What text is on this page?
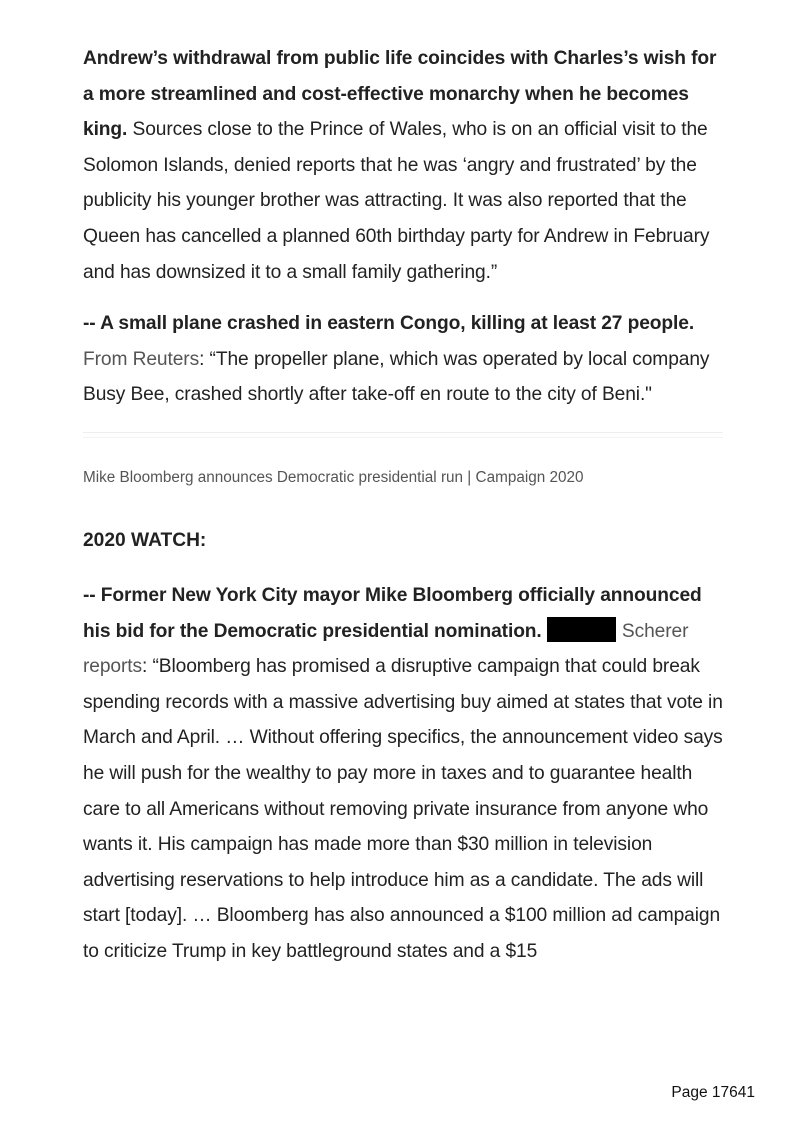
Andrew’s withdrawal from public life coincides with Charles’s wish for a more streamlined and cost-effective monarchy when he becomes king. Sources close to the Prince of Wales, who is on an official visit to the Solomon Islands, denied reports that he was ‘angry and frustrated’ by the publicity his younger brother was attracting. It was also reported that the Queen has cancelled a planned 60th birthday party for Andrew in February and has downsized it to a small family gathering.”

-- A small plane crashed in eastern Congo, killing at least 27 people. From Reuters: “The propeller plane, which was operated by local company Busy Bee, crashed shortly after take-off en route to the city of Beni."

Mike Bloomberg announces Democratic presidential run | Campaign 2020
2020 WATCH:

-- Former New York City mayor Mike Bloomberg officially announced his bid for the Democratic presidential nomination.	Scherer reports: “Bloomberg has promised a disruptive campaign that could break spending records with a massive advertising buy aimed at states that vote in March and April. … Without offering specifics, the announcement video says he will push for the wealthy to pay more in taxes and to guarantee health care to all Americans without removing private insurance from anyone who wants it. His campaign has made more than $30 million in television advertising reservations to help introduce him as a candidate. The ads will start [today]. … Bloomberg has also announced a $100 million ad campaign to criticize Trump in key battleground states and a $15

Page 17641
